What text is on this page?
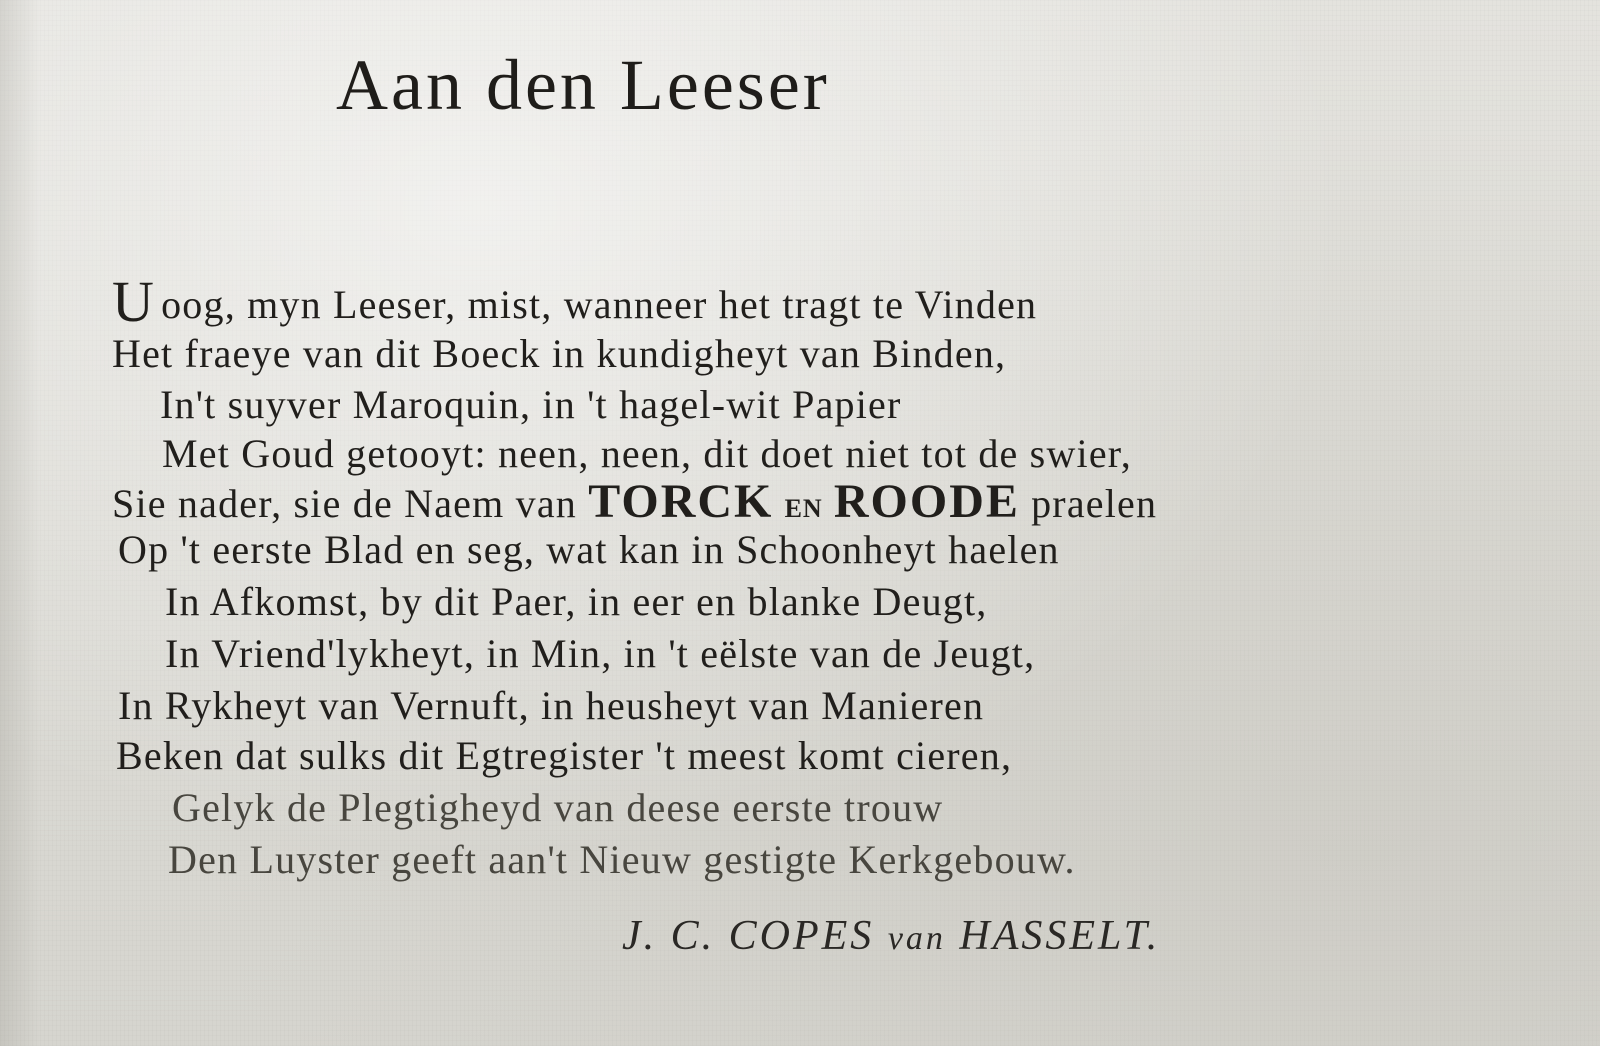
Aan den Leeser
U oog, myn Leeser, mist, wanneer het tragt te Vinden
Het fraeye van dit Boeck in kundigheyt van Binden,
In't suyver Maroquin, in 't hagel-wit Papier
Met Goud getooyt: neen, neen, dit doet niet tot de swier,
Sie nader, sie de Naem van TORCK EN ROODE praelen
Op 't eerste Blad en seg, wat kan in Schoonheyt haelen
In Afkomst, by dit Paer, in eer en blanke Deugt,
In Vriend'lykheyt, in Min, in 't eëlste van de Jeugt,
In Rykheyt van Vernuft, in heusheyt van Manieren
Beken dat sulks dit Egtregister 't meest komt cieren,
Gelyk de Plegtigheyd van deese eerste trouw
Den Luyster geeft aan't Nieuw gestigte Kerkgebouw.
J. C. COPES van HASSELT.
